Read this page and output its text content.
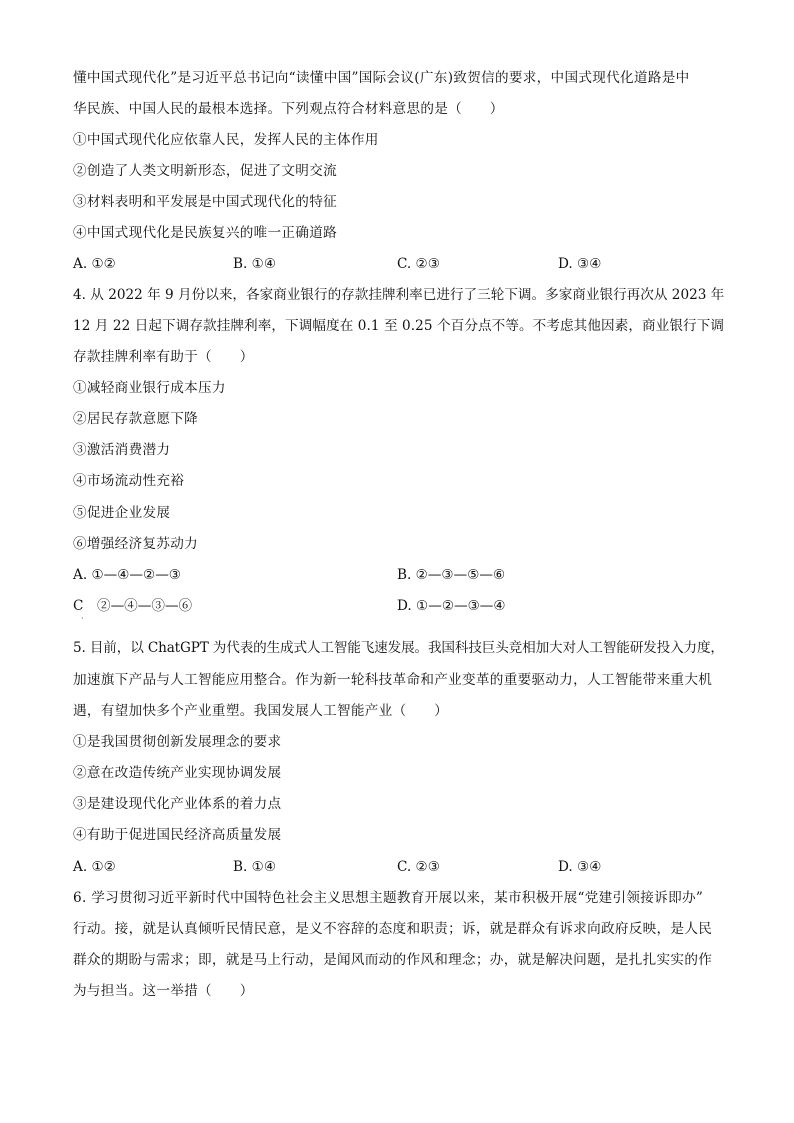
懂中国式现代化”是习近平总书记向“读懂中国”国际会议(广东)致贺信的要求，中国式现代化道路是中
华民族、中国人民的最根本选择。下列观点符合材料意思的是（　　）
①中国式现代化应依靠人民，发挥人民的主体作用
②创造了人类文明新形态，促进了文明交流
③材料表明和平发展是中国式现代化的特征
④中国式现代化是民族复兴的唯一正确道路
A. ①②	B. ①④	C. ②③	D. ③④
4. 从 2022 年 9 月份以来，各家商业银行的存款挂牌利率已进行了三轮下调。多家商业银行再次从 2023 年
12 月 22 日起下调存款挂牌利率，下调幅度在 0.1 至 0.25 个百分点不等。不考虑其他因素，商业银行下调
存款挂牌利率有助于（　　）
①减轻商业银行成本压力
②居民存款意愿下降
③激活消费潜力
④市场流动性充裕
⑤促进企业发展
⑥增强经济复苏动力
A. ①—④—②—③	B. ②—③—⑤—⑥
C　②—④—③—⑥	D. ①—②—③—④
·
5. 目前，以 ChatGPT 为代表的生成式人工智能飞速发展。我国科技巨头竞相加大对人工智能研发投入力度，
加速旗下产品与人工智能应用整合。作为新一轮科技革命和产业变革的重要驱动力，人工智能带来重大机
遇，有望加快多个产业重塑。我国发展人工智能产业（　　）
①是我国贯彻创新发展理念的要求
②意在改造传统产业实现协调发展
③是建设现代化产业体系的着力点
④有助于促进国民经济高质量发展
A. ①②	B. ①④	C. ②③	D. ③④
6. 学习贯彻习近平新时代中国特色社会主义思想主题教育开展以来，某市积极开展“党建引领接诉即办”
行动。接，就是认真倾听民情民意，是义不容辞的态度和职责；诉，就是群众有诉求向政府反映，是人民
群众的期盼与需求；即，就是马上行动，是闻风而动的作风和理念；办，就是解决问题，是扎扎实实的作
为与担当。这一举措（　　）
